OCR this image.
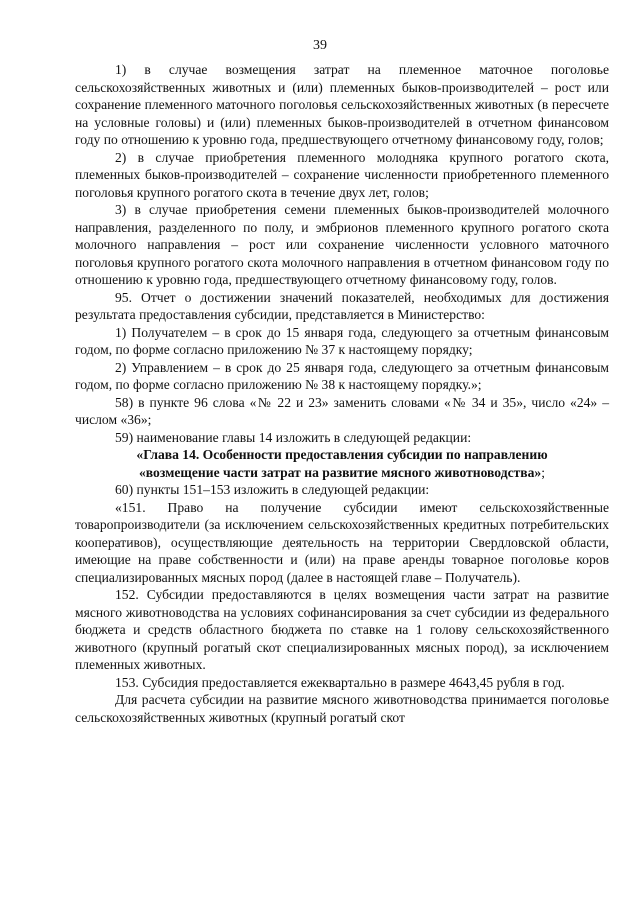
39

1) в случае возмещения затрат на племенное маточное поголовье сельскохозяйственных животных и (или) племенных быков-производителей – рост или сохранение племенного маточного поголовья сельскохозяйственных животных (в пересчете на условные головы) и (или) племенных быков-производителей в отчетном финансовом году по отношению к уровню года, предшествующего отчетному финансовому году, голов;

2) в случае приобретения племенного молодняка крупного рогатого скота, племенных быков-производителей – сохранение численности приобретенного племенного поголовья крупного рогатого скота в течение двух лет, голов;

3) в случае приобретения семени племенных быков-производителей молочного направления, разделенного по полу, и эмбрионов племенного крупного рогатого скота молочного направления – рост или сохранение численности условного маточного поголовья крупного рогатого скота молочного направления в отчетном финансовом году по отношению к уровню года, предшествующего отчетному финансовому году, голов.

95. Отчет о достижении значений показателей, необходимых для достижения результата предоставления субсидии, представляется в Министерство:

1) Получателем – в срок до 15 января года, следующего за отчетным финансовым годом, по форме согласно приложению № 37 к настоящему порядку;

2) Управлением – в срок до 25 января года, следующего за отчетным финансовым годом, по форме согласно приложению № 38 к настоящему порядку.»;

58) в пункте 96 слова «№ 22 и 23» заменить словами «№ 34 и 35», число «24» – числом «36»;

59) наименование главы 14 изложить в следующей редакции:

«Глава 14. Особенности предоставления субсидии по направлению

«возмещение части затрат на развитие мясного животноводства»;

60) пункты 151–153 изложить в следующей редакции:

«151. Право на получение субсидии имеют сельскохозяйственные товаропроизводители (за исключением сельскохозяйственных кредитных потребительских кооперативов), осуществляющие деятельность на территории Свердловской области, имеющие на праве собственности и (или) на праве аренды товарное поголовье коров специализированных мясных пород (далее в настоящей главе – Получатель).

152. Субсидии предоставляются в целях возмещения части затрат на развитие мясного животноводства на условиях софинансирования за счет субсидии из федерального бюджета и средств областного бюджета по ставке на 1 голову сельскохозяйственного животного (крупный рогатый скот специализированных мясных пород), за исключением племенных животных.

153. Субсидия предоставляется ежеквартально в размере 4643,45 рубля в год.

Для расчета субсидии на развитие мясного животноводства принимается поголовье сельскохозяйственных животных (крупный рогатый скот
